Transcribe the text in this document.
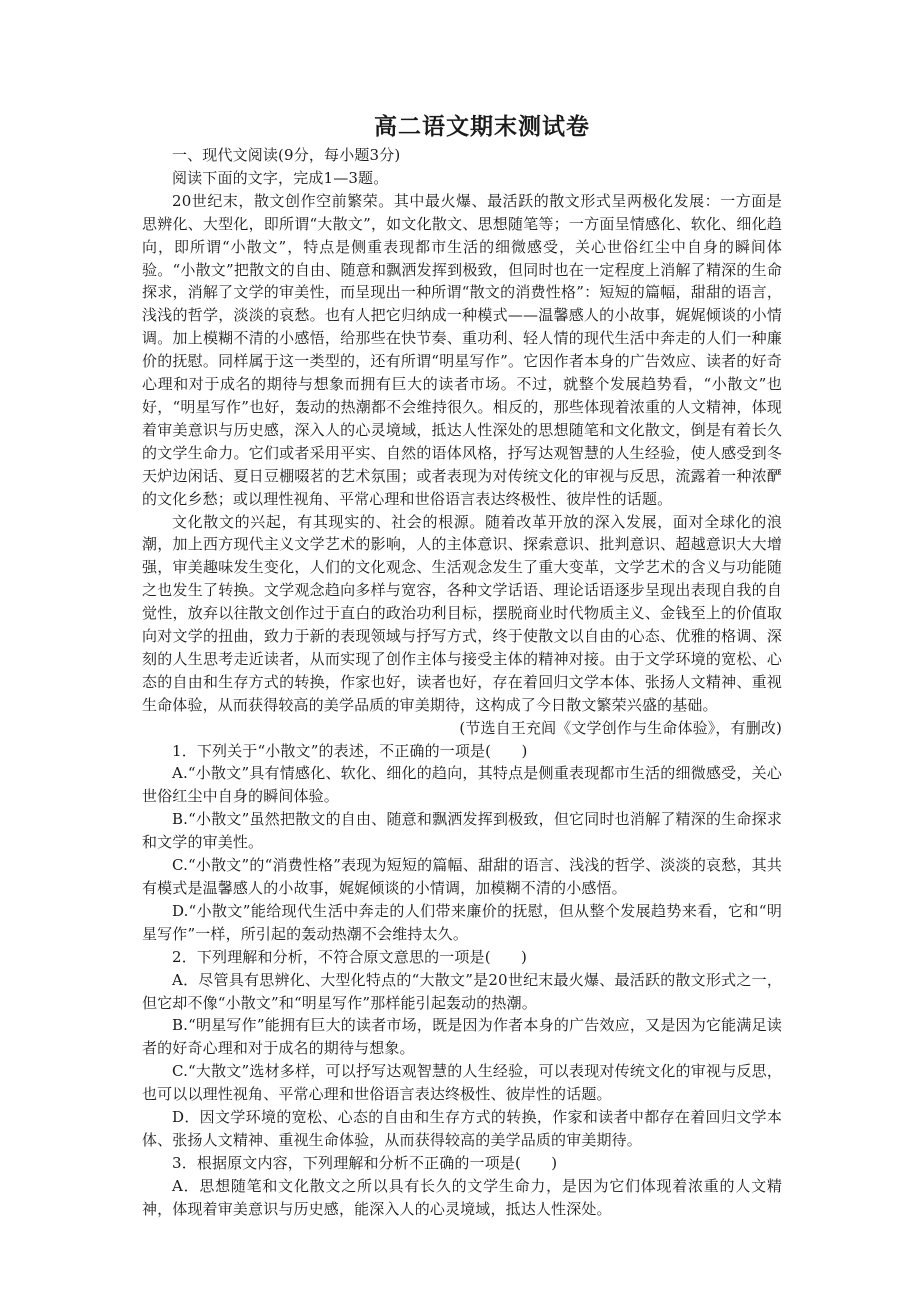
高二语文期末测试卷

一、现代文阅读(9分，每小题3分)

阅读下面的文字，完成1—3题。

20世纪末，散文创作空前繁荣。其中最火爆、最活跃的散文形式呈两极化发展：一方面是思辨化、大型化，即所谓“大散文”，如文化散文、思想随笔等；一方面呈情感化、软化、细化趋向，即所谓“小散文”，特点是侧重表现都市生活的细微感受，关心世俗红尘中自身的瞬间体验。“小散文”把散文的自由、随意和飘洒发挥到极致，但同时也在一定程度上消解了精深的生命探求，消解了文学的审美性，而呈现出一种所谓“散文的消费性格”：短短的篇幅，甜甜的语言，浅浅的哲学，淡淡的哀愁。也有人把它归纳成一种模式——温馨感人的小故事，娓娓倾谈的小情调。加上模糊不清的小感悟，给那些在快节奏、重功利、轻人情的现代生活中奔走的人们一种廉价的抚慰。同样属于这一类型的，还有所谓“明星写作”。它因作者本身的广告效应、读者的好奇心理和对于成名的期待与想象而拥有巨大的读者市场。不过，就整个发展趋势看，“小散文”也好，“明星写作”也好，轰动的热潮都不会维持很久。相反的，那些体现着浓重的人文精神，体现着审美意识与历史感，深入人的心灵境域，抵达人性深处的思想随笔和文化散文，倒是有着长久的文学生命力。它们或者采用平实、自然的语体风格，抒写达观智慧的人生经验，使人感受到冬天炉边闲话、夏日豆棚啜茗的艺术氛围；或者表现为对传统文化的审视与反思，流露着一种浓酽的文化乡愁；或以理性视角、平常心理和世俗语言表达终极性、彼岸性的话题。

文化散文的兴起，有其现实的、社会的根源。随着改革开放的深入发展，面对全球化的浪潮，加上西方现代主义文学艺术的影响，人的主体意识、探索意识、批判意识、超越意识大大增强，审美趣味发生变化，人们的文化观念、生活观念发生了重大变革，文学艺术的含义与功能随之也发生了转换。文学观念趋向多样与宽容，各种文学话语、理论话语逐步呈现出表现自我的自觉性，放弃以往散文创作过于直白的政治功利目标，摆脱商业时代物质主义、金钱至上的价值取向对文学的扭曲，致力于新的表现领域与抒写方式，终于使散文以自由的心态、优雅的格调、深刻的人生思考走近读者，从而实现了创作主体与接受主体的精神对接。由于文学环境的宽松、心态的自由和生存方式的转换，作家也好，读者也好，存在着回归文学本体、张扬人文精神、重视生命体验，从而获得较高的美学品质的审美期待，这构成了今日散文繁荣兴盛的基础。

(节选自王充闾《文学创作与生命体验》，有删改)

1．下列关于“小散文”的表述，不正确的一项是(　　)

A.“小散文”具有情感化、软化、细化的趋向，其特点是侧重表现都市生活的细微感受，关心世俗红尘中自身的瞬间体验。

B.“小散文”虽然把散文的自由、随意和飘洒发挥到极致，但它同时也消解了精深的生命探求和文学的审美性。

C.“小散文”的“消费性格”表现为短短的篇幅、甜甜的语言、浅浅的哲学、淡淡的哀愁，其共有模式是温馨感人的小故事，娓娓倾谈的小情调，加模糊不清的小感悟。

D.“小散文”能给现代生活中奔走的人们带来廉价的抚慰，但从整个发展趋势来看，它和“明星写作”一样，所引起的轰动热潮不会维持太久。

2．下列理解和分析，不符合原文意思的一项是(　　)

A．尽管具有思辨化、大型化特点的“大散文”是20世纪末最火爆、最活跃的散文形式之一，但它却不像“小散文”和“明星写作”那样能引起轰动的热潮。

B.“明星写作”能拥有巨大的读者市场，既是因为作者本身的广告效应，又是因为它能满足读者的好奇心理和对于成名的期待与想象。

C.“大散文”选材多样，可以抒写达观智慧的人生经验，可以表现对传统文化的审视与反思，也可以以理性视角、平常心理和世俗语言表达终极性、彼岸性的话题。

D．因文学环境的宽松、心态的自由和生存方式的转换，作家和读者中都存在着回归文学本体、张扬人文精神、重视生命体验，从而获得较高的美学品质的审美期待。

3．根据原文内容，下列理解和分析不正确的一项是(　　)

A．思想随笔和文化散文之所以具有长久的文学生命力，是因为它们体现着浓重的人文精神，体现着审美意识与历史感，能深入人的心灵境域，抵达人性深处。
